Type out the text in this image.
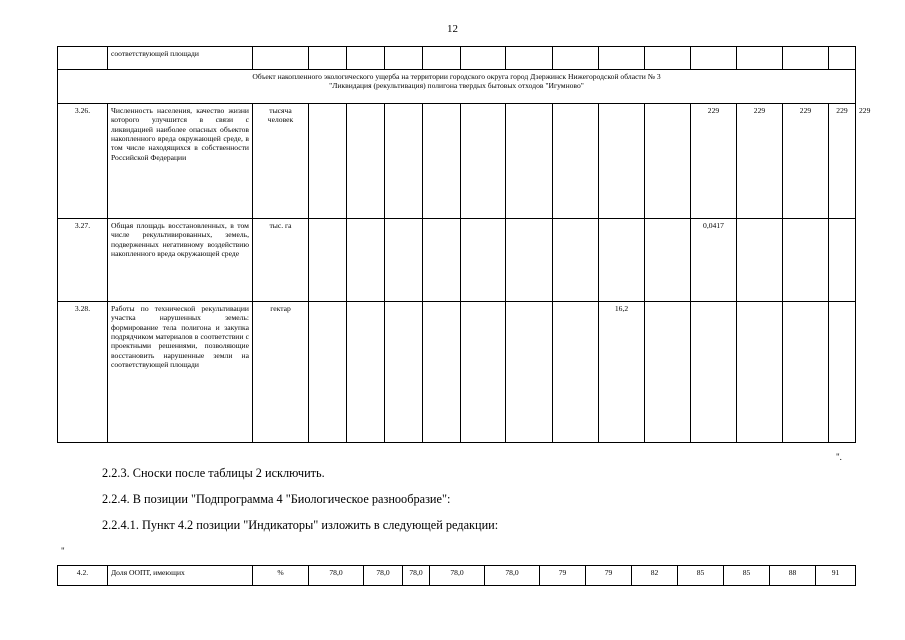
12
	соответствующей площади															

Объект накопленного экологического ущерба на территории городского округа город Дзержинск Нижегородской области № 3
"Ликвидация (рекультивация) полигона твердых бытовых отходов "Игумново"																

3.26.	Численность населения, качество жизни которого улучшится в связи с ликвидацией наиболее опасных объектов накопленного вреда окружающей среде, в том числе находящихся в собственности Российской Федерации	тысяча человек										229	229	229	229	229
3.27.	Общая площадь восстановленных, в том числе рекультивированных, земель, подверженных негативному воздействию накопленного вреда окружающей среде	тыс. га										0,0417				
3.28.	Работы по технической рекультивации участка нарушенных земель: формирование тела полигона и закупка подрядчиком материалов в соответствии с проектными решениями, позволяющие восстановить нарушенные земли на соответствующей площади	гектар								16,2						
".
2.2.3. Сноски после таблицы 2 исключить.
2.2.4. В позиции "Подпрограмма 4 "Биологическое разнообразие":
2.2.4.1. Пункт 4.2 позиции "Индикаторы" изложить в следующей редакции:
"
4.2.	Доля ООПТ, имеющих	%	78,0	78,0	78,0	78,0	78,0	79	79	82	85	85	88	91
